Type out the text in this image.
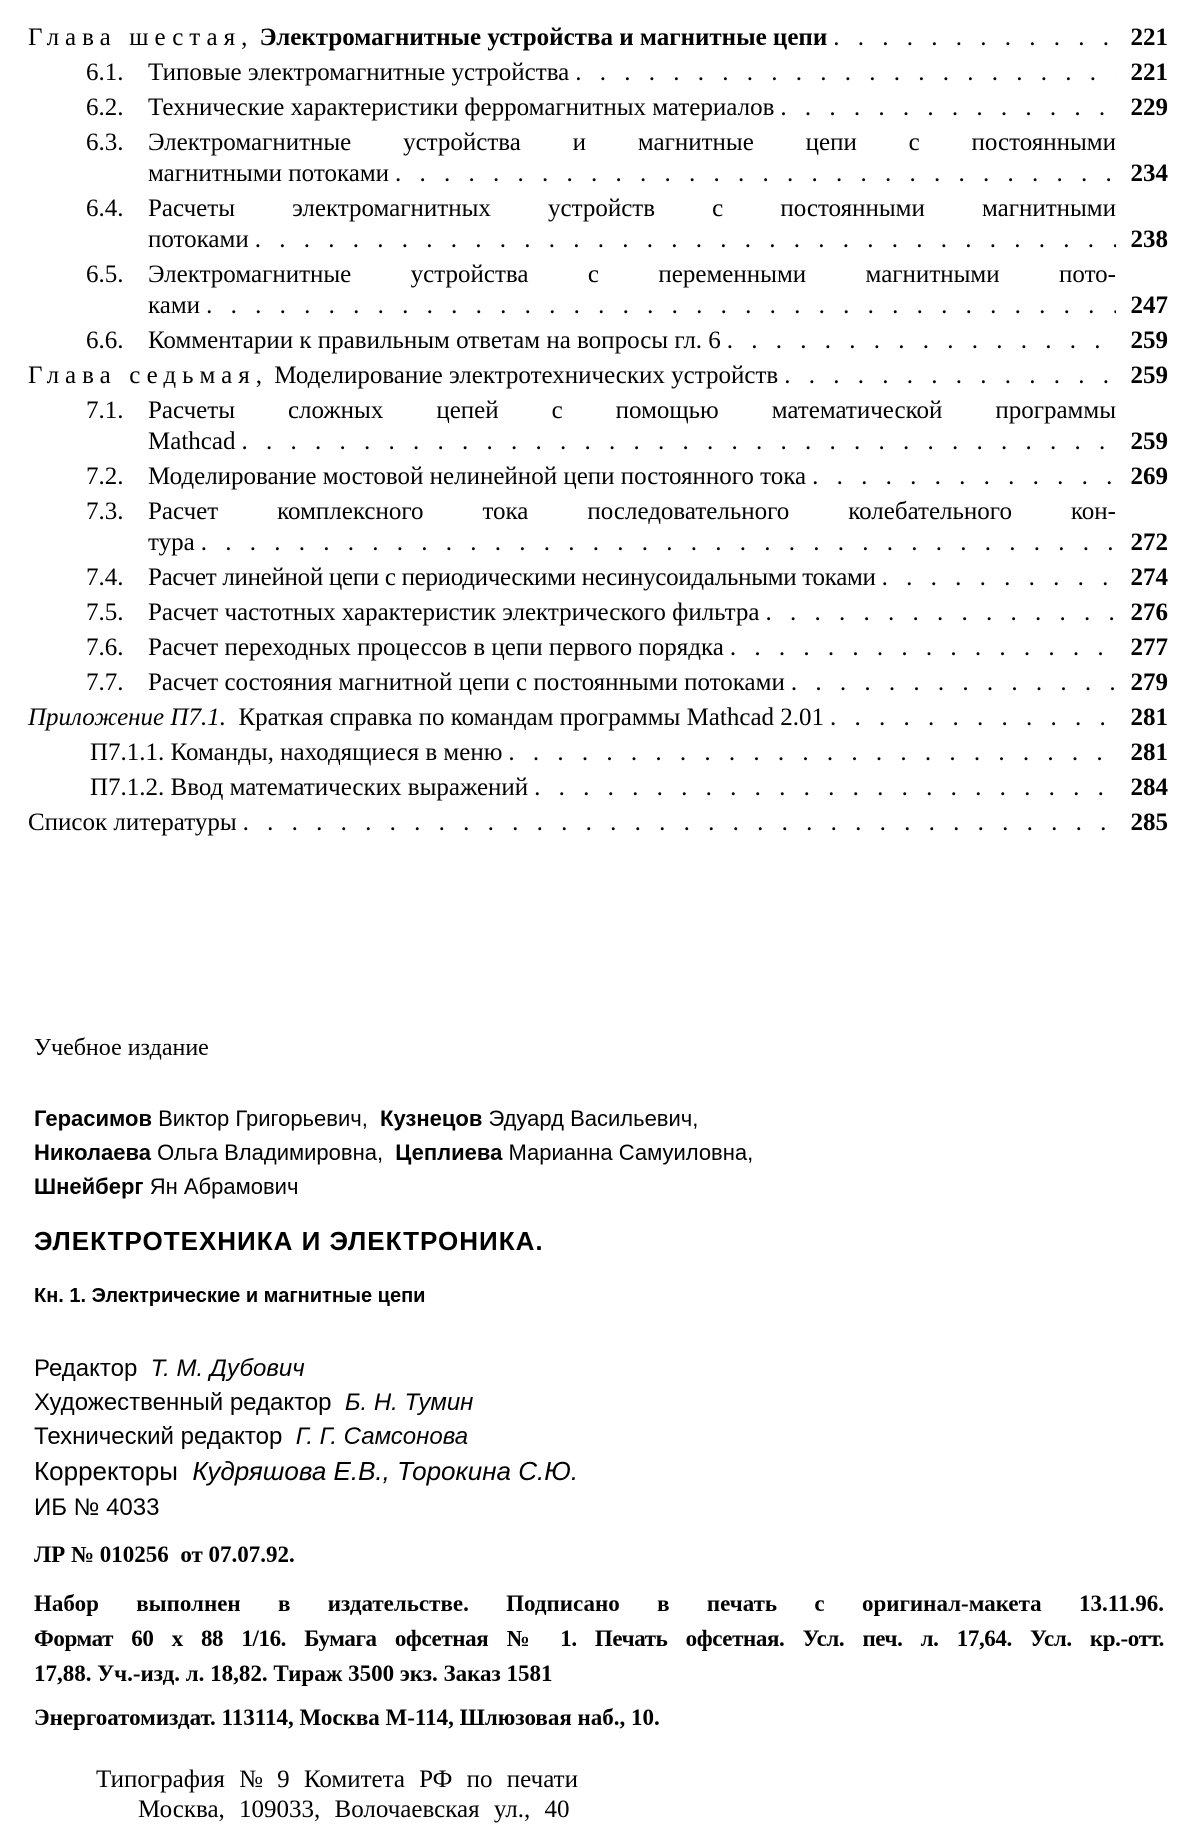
Глава шестая, Электромагнитные устройства и магнитные цепи . . .	221
6.1. Типовые электромагнитные устройства . . .	221
6.2. Технические характеристики ферромагнитных материалов . . .	229
6.3. Электромагнитные устройства и магнитные цепи с постоянными
магнитными потоками . . .	234
6.4. Расчеты электромагнитных устройств с постоянными магнитными
потоками . . .	238
6.5. Электромагнитные устройства с переменными магнитными пото-
ками . . .	247
6.6. Комментарии к правильным ответам на вопросы гл. 6 . . .	259
Глава седьмая, Моделирование электротехнических устройств . . .	259
7.1. Расчеты сложных цепей с помощью математической программы
Mathcad . . .	259
7.2. Моделирование мостовой нелинейной цепи постоянного тока . . .	269
7.3. Расчет комплексного тока последовательного колебательного кон-
тура . . .	272
7.4. Расчет линейной цепи с периодическими несинусоидальными токами . . .	274
7.5. Расчет частотных характеристик электрического фильтра . . .	276
7.6. Расчет переходных процессов в цепи первого порядка . . .	277
7.7. Расчет состояния магнитной цепи с постоянными потоками . . .	279
Приложение П7.1. Краткая справка по командам программы Mathcad 2.01 . . .	281
П7.1.1. Команды, находящиеся в меню . . .	281
П7.1.2. Ввод математических выражений . . .	284
Список литературы . . .	285
Учебное издание
Герасимов Виктор Григорьевич, Кузнецов Эдуард Васильевич,
Николаева Ольга Владимировна, Цеплиева Марианна Самуиловна,
Шнейберг Ян Абрамович
ЭЛЕКТРОТЕХНИКА И ЭЛЕКТРОНИКА.
Кн. 1. Электрические и магнитные цепи
Редактор Т. М. Дубович
Художественный редактор Б. Н. Тумин
Технический редактор Г. Г. Самсонова
Корректоры Кудряшова Е.В., Торокина С.Ю.
ИБ № 4033
ЛР № 010256 от 07.07.92.
Набор выполнен в издательстве. Подписано в печать с оригинал-макета 13.11.96.
Формат 60 х 88 1/16. Бумага офсетная № 1. Печать офсетная. Усл. печ. л. 17,64. Усл. кр.-отт.
17,88. Уч.-изд. л. 18,82. Тираж 3500 экз. Заказ 1581
Энергоатомиздат. 113114, Москва М-114, Шлюзовая наб., 10.
Типография № 9 Комитета РФ по печати
Москва, 109033, Волочаевская ул., 40
